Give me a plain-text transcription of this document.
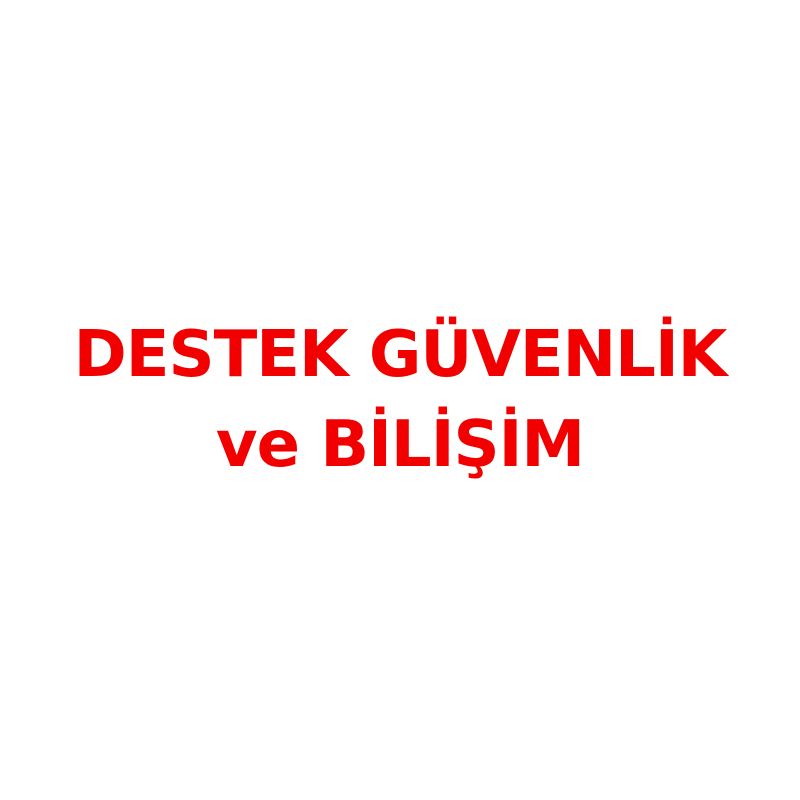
DESTEK GÜVENLİK
ve BİLİŞİM
